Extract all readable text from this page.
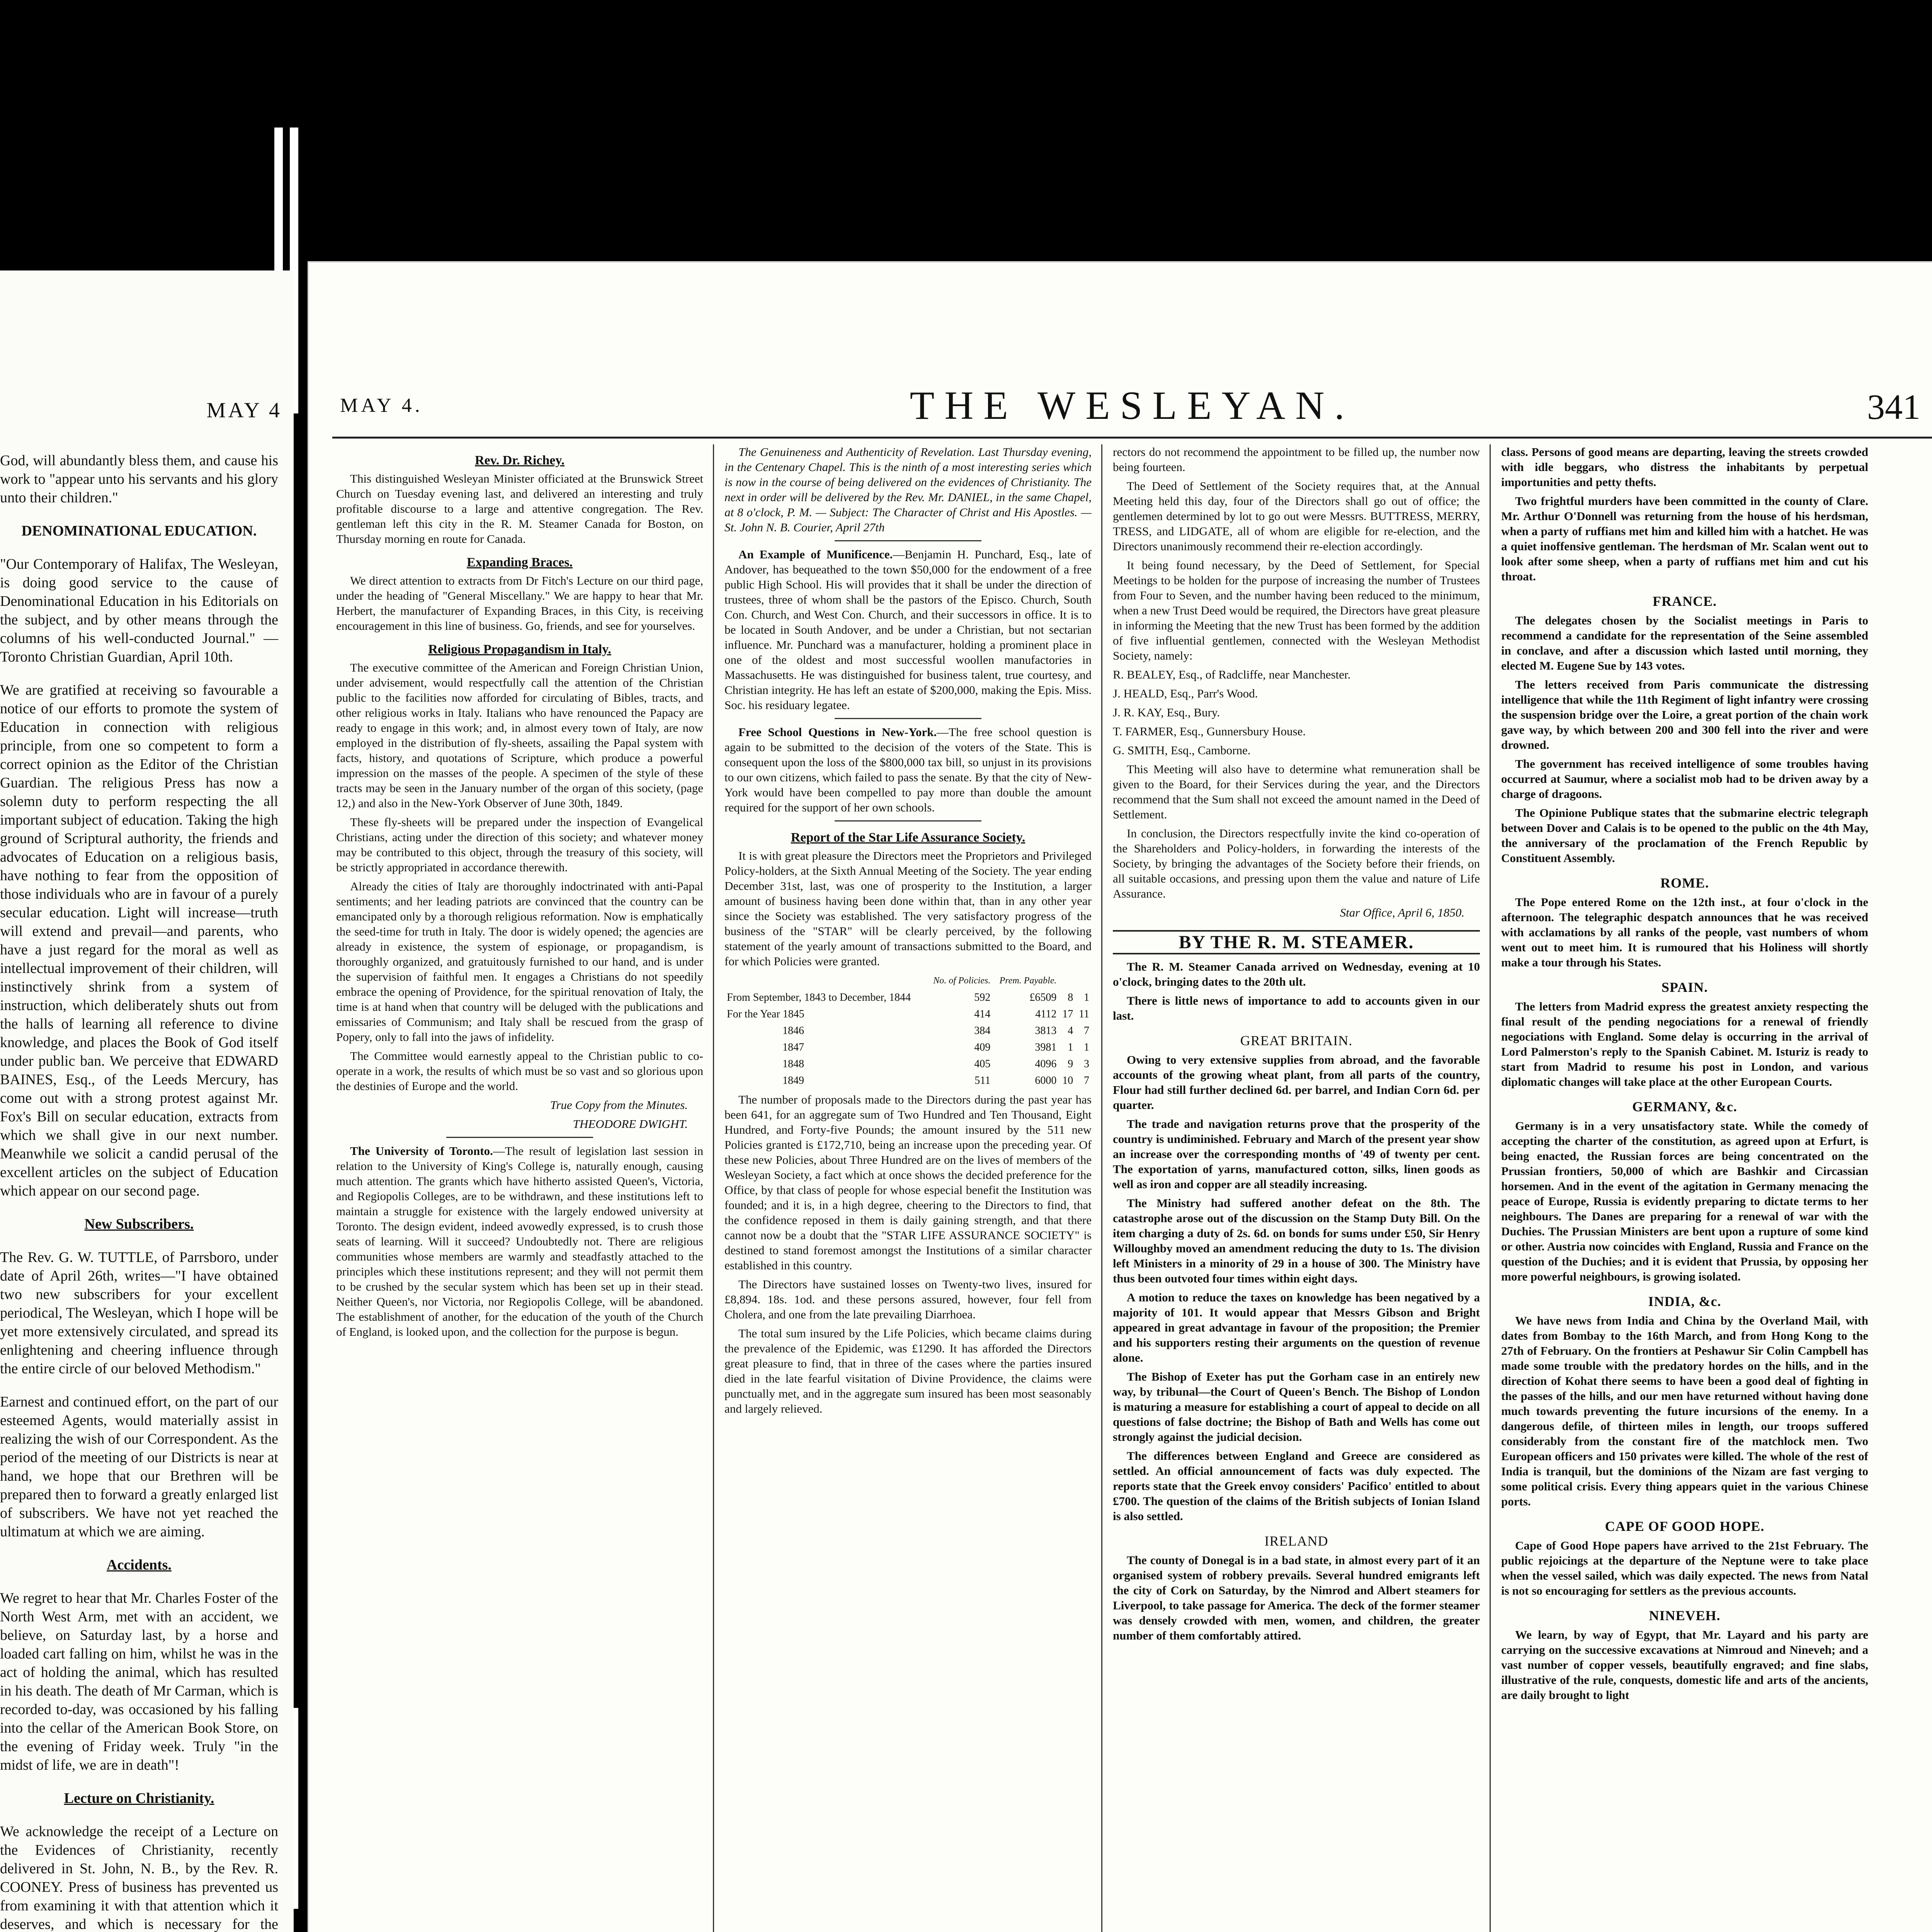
MAY 4

God, will abundantly bless them, and cause his work to "appear unto his servants and his glory unto their children."

DENOMINATIONAL EDUCATION.

"Our Contemporary of Halifax, The Wesleyan, is doing good service to the cause of Denominational Education in his Editorials on the subject, and by other means through the columns of his well-conducted Journal." — Toronto Christian Guardian, April 10th.

We are gratified at receiving so favourable a notice of our efforts to promote the system of Education in connection with religious principle, from one so competent to form a correct opinion as the Editor of the Christian Guardian. The religious Press has now a solemn duty to perform respecting the all important subject of education. Taking the high ground of Scriptural authority, the friends and advocates of Education on a religious basis, have nothing to fear from the opposition of those individuals who are in favour of a purely secular education. Light will increase—truth will extend and prevail—and parents, who have a just regard for the moral as well as intellectual improvement of their children, will instinctively shrink from a system of instruction, which deliberately shuts out from the halls of learning all reference to divine knowledge, and places the Book of God itself under public ban. We perceive that EDWARD BAINES, Esq., of the Leeds Mercury, has come out with a strong protest against Mr. Fox's Bill on secular education, extracts from which we shall give in our next number. Meanwhile we solicit a candid perusal of the excellent articles on the subject of Education which appear on our second page.

New Subscribers.

The Rev. G. W. TUTTLE, of Parrsboro, under date of April 26th, writes—"I have obtained two new subscribers for your excellent periodical, The Wesleyan, which I hope will be yet more extensively circulated, and spread its enlightening and cheering influence through the entire circle of our beloved Methodism."

Earnest and continued effort, on the part of our esteemed Agents, would materially assist in realizing the wish of our Correspondent. As the period of the meeting of our Districts is near at hand, we hope that our Brethren will be prepared then to forward a greatly enlarged list of subscribers. We have not yet reached the ultimatum at which we are aiming.

Accidents.

We regret to hear that Mr. Charles Foster of the North West Arm, met with an accident, we believe, on Saturday last, by a horse and loaded cart falling on him, whilst he was in the act of holding the animal, which has resulted in his death. The death of Mr Carman, which is recorded to-day, was occasioned by his falling into the cellar of the American Book Store, on the evening of Friday week. Truly "in the midst of life, we are in death"!

Lecture on Christianity.

We acknowledge the receipt of a Lecture on the Evidences of Christianity, recently delivered in St. John, N. B., by the Rev. R. COONEY. Press of business has prevented us from examining it with that attention which it deserves, and which is necessary for the

MAY 4.	THE WESLEYAN.	341
Rev. Dr. Richey.

This distinguished Wesleyan Minister officiated at the Brunswick Street Church on Tuesday evening last, and delivered an interesting and truly profitable discourse to a large and attentive congregation. The Rev. gentleman left this city in the R. M. Steamer Canada for Boston, on Thursday morning en route for Canada.

Expanding Braces.

We direct attention to extracts from Dr Fitch's Lecture on our third page, under the heading of "General Miscellany." We are happy to hear that Mr. Herbert, the manufacturer of Expanding Braces, in this City, is receiving encouragement in this line of business. Go, friends, and see for yourselves.

Religious Propagandism in Italy.

The executive committee of the American and Foreign Christian Union, under advisement, would respectfully call the attention of the Christian public to the facilities now afforded for circulating of Bibles, tracts, and other religious works in Italy. Italians who have renounced the Papacy are ready to engage in this work; and, in almost every town of Italy, are now employed in the distribution of fly-sheets, assailing the Papal system with facts, history, and quotations of Scripture, which produce a powerful impression on the masses of the people. A specimen of the style of these tracts may be seen in the January number of the organ of this society, (page 12,) and also in the New-York Observer of June 30th, 1849.

These fly-sheets will be prepared under the inspection of Evangelical Christians, acting under the direction of this society; and whatever money may be contributed to this object, through the treasury of this society, will be strictly appropriated in accordance therewith.

Already the cities of Italy are thoroughly indoctrinated with anti-Papal sentiments; and her leading patriots are convinced that the country can be emancipated only by a thorough religious reformation. Now is emphatically the seed-time for truth in Italy. The door is widely opened; the agencies are already in existence, the system of espionage, or propagandism, is thoroughly organized, and gratuitously furnished to our hand, and is under the supervision of faithful men. It engages a Christians do not speedily embrace the opening of Providence, for the spiritual renovation of Italy, the time is at hand when that country will be deluged with the publications and emissaries of Communism; and Italy shall be rescued from the grasp of Popery, only to fall into the jaws of infidelity.

The Committee would earnestly appeal to the Christian public to co-operate in a work, the results of which must be so vast and so glorious upon the destinies of Europe and the world.

True Copy from the Minutes.

THEODORE DWIGHT.

The University of Toronto.—The result of legislation last session in relation to the University of King's College is, naturally enough, causing much attention. The grants which have hitherto assisted Queen's, Victoria, and Regiopolis Colleges, are to be withdrawn, and these institutions left to maintain a struggle for existence with the largely endowed university at Toronto. The design evident, indeed avowedly expressed, is to crush those seats of learning. Will it succeed? Undoubtedly not. There are religious communities whose members are warmly and steadfastly attached to the principles which these institutions represent; and they will not permit them to be crushed by the secular system which has been set up in their stead. Neither Queen's, nor Victoria, nor Regiopolis College, will be abandoned. The establishment of another, for the education of the youth of the Church of England, is looked upon, and the collection for the purpose is begun.

The Genuineness and Authenticity of Revelation. Last Thursday evening, in the Centenary Chapel. This is the ninth of a most interesting series which is now in the course of being delivered on the evidences of Christianity. The next in order will be delivered by the Rev. Mr. DANIEL, in the same Chapel, at 8 o'clock, P. M. — Subject: The Character of Christ and His Apostles. — St. John N. B. Courier, April 27th

An Example of Munificence.—Benjamin H. Punchard, Esq., late of Andover, has bequeathed to the town $50,000 for the endowment of a free public High School. His will provides that it shall be under the direction of trustees, three of whom shall be the pastors of the Episco. Church, South Con. Church, and West Con. Church, and their successors in office. It is to be located in South Andover, and be under a Christian, but not sectarian influence. Mr. Punchard was a manufacturer, holding a prominent place in one of the oldest and most successful woollen manufactories in Massachusetts. He was distinguished for business talent, true courtesy, and Christian integrity. He has left an estate of $200,000, making the Epis. Miss. Soc. his residuary legatee.

Free School Questions in New-York.—The free school question is again to be submitted to the decision of the voters of the State. This is consequent upon the loss of the $800,000 tax bill, so unjust in its provisions to our own citizens, which failed to pass the senate. By that the city of New-York would have been compelled to pay more than double the amount required for the support of her own schools.

Report of the Star Life Assurance Society.

It is with great pleasure the Directors meet the Proprietors and Privileged Policy-holders, at the Sixth Annual Meeting of the Society. The year ending December 31st, last, was one of prosperity to the Institution, a larger amount of business having been done within that, than in any other year since the Society was established. The very satisfactory progress of the business of the "STAR" will be clearly perceived, by the following statement of the yearly amount of transactions submitted to the Board, and for which Policies were granted.

	No. of Policies.	Prem. Payable.		
From September, 1843 to December, 1844	592	£6509	8	1
For the Year 1845	414	4112	17	11
1846	384	3813	4	7
1847	409	3981	1	1
1848	405	4096	9	3
1849	511	6000	10	7

The number of proposals made to the Directors during the past year has been 641, for an aggregate sum of Two Hundred and Ten Thousand, Eight Hundred, and Forty-five Pounds; the amount insured by the 511 new Policies granted is £172,710, being an increase upon the preceding year. Of these new Policies, about Three Hundred are on the lives of members of the Wesleyan Society, a fact which at once shows the decided preference for the Office, by that class of people for whose especial benefit the Institution was founded; and it is, in a high degree, cheering to the Directors to find, that the confidence reposed in them is daily gaining strength, and that there cannot now be a doubt that the "STAR LIFE ASSURANCE SOCIETY" is destined to stand foremost amongst the Institutions of a similar character established in this country.

The Directors have sustained losses on Twenty-two lives, insured for £8,894. 18s. 1od. and these persons assured, however, four fell from Cholera, and one from the late prevailing Diarrhoea.

The total sum insured by the Life Policies, which became claims during the prevalence of the Epidemic, was £1290. It has afforded the Directors great pleasure to find, that in three of the cases where the parties insured died in the late fearful visitation of Divine Providence, the claims were punctually met, and in the aggregate sum insured has been most seasonably and largely relieved.

rectors do not recommend the appointment to be filled up, the number now being fourteen.

The Deed of Settlement of the Society requires that, at the Annual Meeting held this day, four of the Directors shall go out of office; the gentlemen determined by lot to go out were Messrs. BUTTRESS, MERRY, TRESS, and LIDGATE, all of whom are eligible for re-election, and the Directors unanimously recommend their re-election accordingly.

It being found necessary, by the Deed of Settlement, for Special Meetings to be holden for the purpose of increasing the number of Trustees from Four to Seven, and the number having been reduced to the minimum, when a new Trust Deed would be required, the Directors have great pleasure in informing the Meeting that the new Trust has been formed by the addition of five influential gentlemen, connected with the Wesleyan Methodist Society, namely:

R. BEALEY, Esq., of Radcliffe, near Manchester.

J. HEALD, Esq., Parr's Wood.

J. R. KAY, Esq., Bury.

T. FARMER, Esq., Gunnersbury House.

G. SMITH, Esq., Camborne.

This Meeting will also have to determine what remuneration shall be given to the Board, for their Services during the year, and the Directors recommend that the Sum shall not exceed the amount named in the Deed of Settlement.

In conclusion, the Directors respectfully invite the kind co-operation of the Shareholders and Policy-holders, in forwarding the interests of the Society, by bringing the advantages of the Society before their friends, on all suitable occasions, and pressing upon them the value and nature of Life Assurance.

Star Office, April 6, 1850.

BY THE R. M. STEAMER.

The R. M. Steamer Canada arrived on Wednesday, evening at 10 o'clock, bringing dates to the 20th ult.

There is little news of importance to add to accounts given in our last.

GREAT BRITAIN.

Owing to very extensive supplies from abroad, and the favorable accounts of the growing wheat plant, from all parts of the country, Flour had still further declined 6d. per barrel, and Indian Corn 6d. per quarter.

The trade and navigation returns prove that the prosperity of the country is undiminished. February and March of the present year show an increase over the corresponding months of '49 of twenty per cent. The exportation of yarns, manufactured cotton, silks, linen goods as well as iron and copper are all steadily increasing.

The Ministry had suffered another defeat on the 8th. The catastrophe arose out of the discussion on the Stamp Duty Bill. On the item charging a duty of 2s. 6d. on bonds for sums under £50, Sir Henry Willoughby moved an amendment reducing the duty to 1s. The division left Ministers in a minority of 29 in a house of 300. The Ministry have thus been outvoted four times within eight days.

A motion to reduce the taxes on knowledge has been negatived by a majority of 101. It would appear that Messrs Gibson and Bright appeared in great advantage in favour of the proposition; the Premier and his supporters resting their arguments on the question of revenue alone.

The Bishop of Exeter has put the Gorham case in an entirely new way, by tribunal—the Court of Queen's Bench. The Bishop of London is maturing a measure for establishing a court of appeal to decide on all questions of false doctrine; the Bishop of Bath and Wells has come out strongly against the judicial decision.

The differences between England and Greece are considered as settled. An official announcement of facts was duly expected. The reports state that the Greek envoy considers' Pacifico' entitled to about £700. The question of the claims of the British subjects of Ionian Island is also settled.

IRELAND

The county of Donegal is in a bad state, in almost every part of it an organised system of robbery prevails. Several hundred emigrants left the city of Cork on Saturday, by the Nimrod and Albert steamers for Liverpool, to take passage for America. The deck of the former steamer was densely crowded with men, women, and children, the greater number of them comfortably attired.

class. Persons of good means are departing, leaving the streets crowded with idle beggars, who distress the inhabitants by perpetual importunities and petty thefts.

Two frightful murders have been committed in the county of Clare. Mr. Arthur O'Donnell was returning from the house of his herdsman, when a party of ruffians met him and killed him with a hatchet. He was a quiet inoffensive gentleman. The herdsman of Mr. Scalan went out to look after some sheep, when a party of ruffians met him and cut his throat.

FRANCE.

The delegates chosen by the Socialist meetings in Paris to recommend a candidate for the representation of the Seine assembled in conclave, and after a discussion which lasted until morning, they elected M. Eugene Sue by 143 votes.

The letters received from Paris communicate the distressing intelligence that while the 11th Regiment of light infantry were crossing the suspension bridge over the Loire, a great portion of the chain work gave way, by which between 200 and 300 fell into the river and were drowned.

The government has received intelligence of some troubles having occurred at Saumur, where a socialist mob had to be driven away by a charge of dragoons.

The Opinione Publique states that the submarine electric telegraph between Dover and Calais is to be opened to the public on the 4th May, the anniversary of the proclamation of the French Republic by Constituent Assembly.

ROME.

The Pope entered Rome on the 12th inst., at four o'clock in the afternoon. The telegraphic despatch announces that he was received with acclamations by all ranks of the people, vast numbers of whom went out to meet him. It is rumoured that his Holiness will shortly make a tour through his States.

SPAIN.

The letters from Madrid express the greatest anxiety respecting the final result of the pending negociations for a renewal of friendly negociations with England. Some delay is occurring in the arrival of Lord Palmerston's reply to the Spanish Cabinet. M. Isturiz is ready to start from Madrid to resume his post in London, and various diplomatic changes will take place at the other European Courts.

GERMANY, &c.

Germany is in a very unsatisfactory state. While the comedy of accepting the charter of the constitution, as agreed upon at Erfurt, is being enacted, the Russian forces are being concentrated on the Prussian frontiers, 50,000 of which are Bashkir and Circassian horsemen. And in the event of the agitation in Germany menacing the peace of Europe, Russia is evidently preparing to dictate terms to her neighbours. The Danes are preparing for a renewal of war with the Duchies. The Prussian Ministers are bent upon a rupture of some kind or other. Austria now coincides with England, Russia and France on the question of the Duchies; and it is evident that Prussia, by opposing her more powerful neighbours, is growing isolated.

INDIA, &c.

We have news from India and China by the Overland Mail, with dates from Bombay to the 16th March, and from Hong Kong to the 27th of February. On the frontiers at Peshawur Sir Colin Campbell has made some trouble with the predatory hordes on the hills, and in the direction of Kohat there seems to have been a good deal of fighting in the passes of the hills, and our men have returned without having done much towards preventing the future incursions of the enemy. In a dangerous defile, of thirteen miles in length, our troops suffered considerably from the constant fire of the matchlock men. Two European officers and 150 privates were killed. The whole of the rest of India is tranquil, but the dominions of the Nizam are fast verging to some political crisis. Every thing appears quiet in the various Chinese ports.

CAPE OF GOOD HOPE.

Cape of Good Hope papers have arrived to the 21st February. The public rejoicings at the departure of the Neptune were to take place when the vessel sailed, which was daily expected. The news from Natal is not so encouraging for settlers as the previous accounts.

NINEVEH.

We learn, by way of Egypt, that Mr. Layard and his party are carrying on the successive excavations at Nimroud and Nineveh; and a vast number of copper vessels, beautifully engraved; and fine slabs, illustrative of the rule, conquests, domestic life and arts of the ancients, are daily brought to light
